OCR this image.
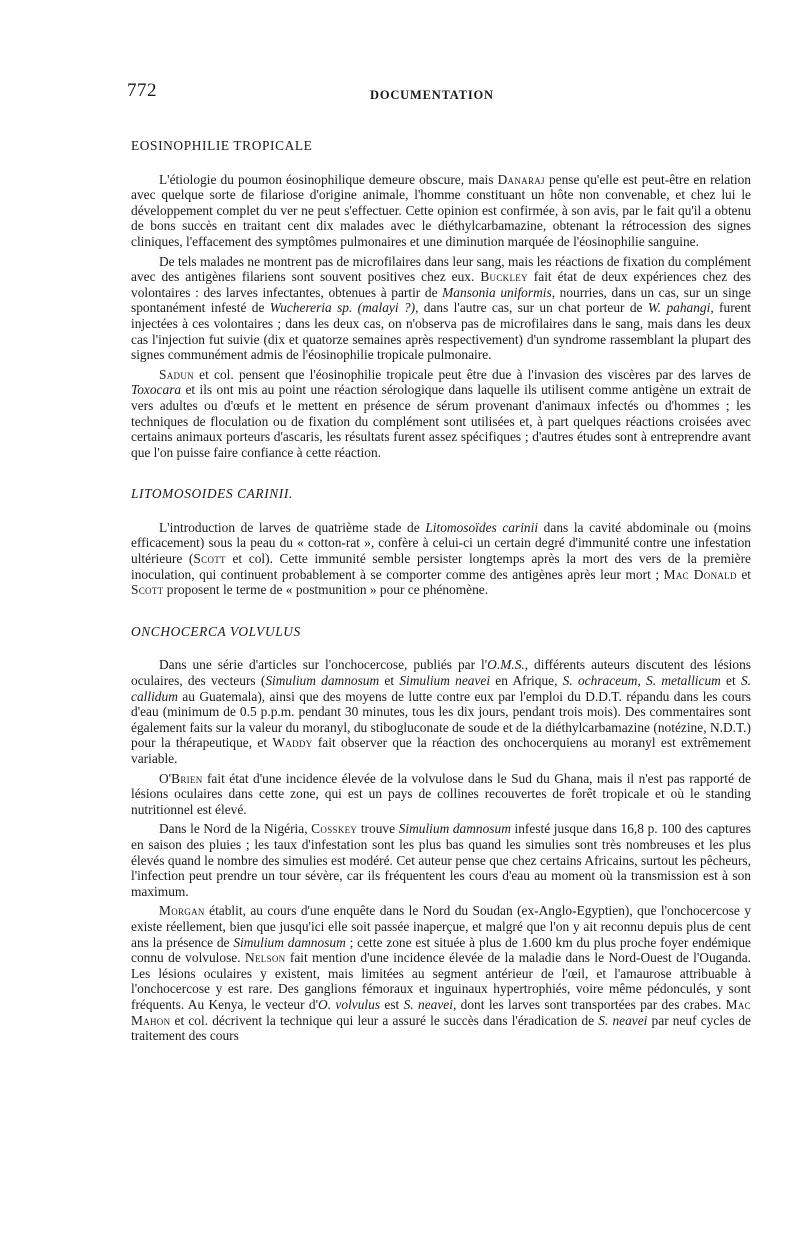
772	DOCUMENTATION
EOSINOPHILIE TROPICALE

L'étiologie du poumon éosinophilique demeure obscure, mais Danaraj pense qu'elle est peut-être en relation avec quelque sorte de filariose d'origine animale, l'homme constituant un hôte non convenable, et chez lui le développement complet du ver ne peut s'effectuer. Cette opinion est confirmée, à son avis, par le fait qu'il a obtenu de bons succès en traitant cent dix malades avec le diéthylcarbamazine, obtenant la rétrocession des signes cliniques, l'effacement des symptômes pulmonaires et une diminution marquée de l'éosinophilie sanguine.

De tels malades ne montrent pas de microfilaires dans leur sang, mais les réactions de fixation du complément avec des antigènes filariens sont souvent positives chez eux. Buckley fait état de deux expériences chez des volontaires : des larves infectantes, obtenues à partir de Mansonia uniformis, nourries, dans un cas, sur un singe spontanément infesté de Wuchereria sp. (malayi ?), dans l'autre cas, sur un chat porteur de W. pahangi, furent injectées à ces volontaires ; dans les deux cas, on n'observa pas de microfilaires dans le sang, mais dans les deux cas l'injection fut suivie (dix et quatorze semaines après respectivement) d'un syndrome rassemblant la plupart des signes communément admis de l'éosinophilie tropicale pulmonaire.

Sadun et col. pensent que l'éosinophilie tropicale peut être due à l'invasion des viscères par des larves de Toxocara et ils ont mis au point une réaction sérologique dans laquelle ils utilisent comme antigène un extrait de vers adultes ou d'œufs et le mettent en présence de sérum provenant d'animaux infectés ou d'hommes ; les techniques de floculation ou de fixation du complément sont utilisées et, à part quelques réactions croisées avec certains animaux porteurs d'ascaris, les résultats furent assez spécifiques ; d'autres études sont à entreprendre avant que l'on puisse faire confiance à cette réaction.

LITOMOSOIDES CARINII.

L'introduction de larves de quatrième stade de Litomosoïdes carinii dans la cavité abdominale ou (moins efficacement) sous la peau du « cotton-rat », confère à celui-ci un certain degré d'immunité contre une infestation ultérieure (Scott et col). Cette immunité semble persister longtemps après la mort des vers de la première inoculation, qui continuent probablement à se comporter comme des antigènes après leur mort ; Mac Donald et Scott proposent le terme de « postmunition » pour ce phénomène.

ONCHOCERCA VOLVULUS

Dans une série d'articles sur l'onchocercose, publiés par l'O.M.S., différents auteurs discutent des lésions oculaires, des vecteurs (Simulium damnosum et Simulium neavei en Afrique, S. ochraceum, S. metallicum et S. callidum au Guatemala), ainsi que des moyens de lutte contre eux par l'emploi du D.D.T. répandu dans les cours d'eau (minimum de 0.5 p.p.m. pendant 30 minutes, tous les dix jours, pendant trois mois). Des commentaires sont également faits sur la valeur du moranyl, du stibogluconate de soude et de la diéthylcarbamazine (notézine, N.D.T.) pour la thérapeutique, et Waddy fait observer que la réaction des onchocerquiens au moranyl est extrêmement variable.

O'Brien fait état d'une incidence élevée de la volvulose dans le Sud du Ghana, mais il n'est pas rapporté de lésions oculaires dans cette zone, qui est un pays de collines recouvertes de forêt tropicale et où le standing nutritionnel est élevé.

Dans le Nord de la Nigéria, Cosskey trouve Simulium damnosum infesté jusque dans 16,8 p. 100 des captures en saison des pluies ; les taux d'infestation sont les plus bas quand les simulies sont très nombreuses et les plus élevés quand le nombre des simulies est modéré. Cet auteur pense que chez certains Africains, surtout les pêcheurs, l'infection peut prendre un tour sévère, car ils fréquentent les cours d'eau au moment où la transmission est à son maximum.

Morgan établit, au cours d'une enquête dans le Nord du Soudan (ex-Anglo-Egyptien), que l'onchocercose y existe réellement, bien que jusqu'ici elle soit passée inaperçue, et malgré que l'on y ait reconnu depuis plus de cent ans la présence de Simulium damnosum ; cette zone est située à plus de 1.600 km du plus proche foyer endémique connu de volvulose. Nelson fait mention d'une incidence élevée de la maladie dans le Nord-Ouest de l'Ouganda. Les lésions oculaires y existent, mais limitées au segment antérieur de l'œil, et l'amaurose attribuable à l'onchocercose y est rare. Des ganglions fémoraux et inguinaux hypertrophiés, voire même pédonculés, y sont fréquents. Au Kenya, le vecteur d'O. volvulus est S. neavei, dont les larves sont transportées par des crabes. Mac Mahon et col. décrivent la technique qui leur a assuré le succès dans l'éradication de S. neavei par neuf cycles de traitement des cours
